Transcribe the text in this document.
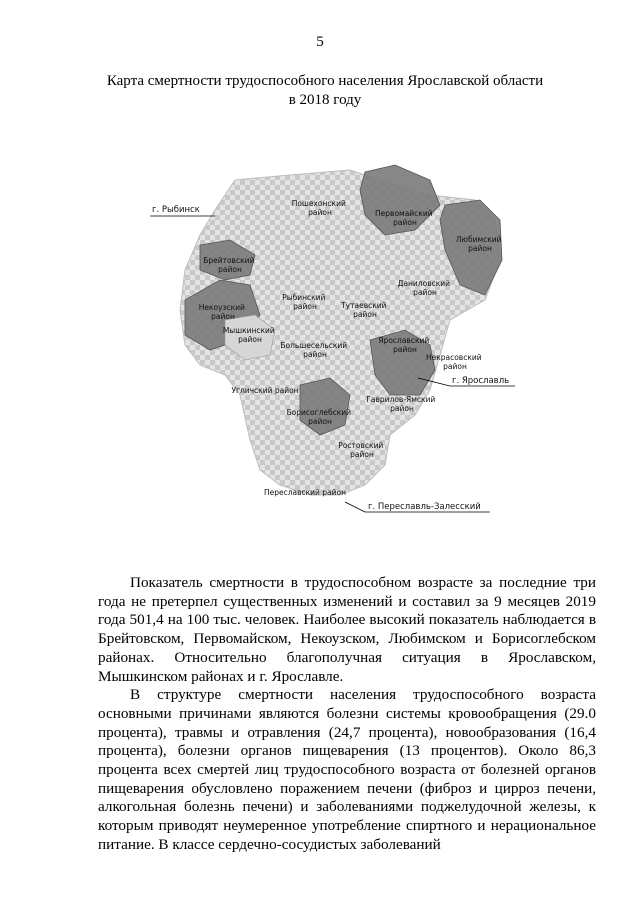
5
Карта смертности трудоспособного населения Ярославской области
в 2018 году
Пошехонский район	Первомайский район
Любимский район
Брейтовский район
Некоузский район
Мышкинский район
Даниловский район
Рыбинский район	Тутаевский район
Ярославский район
Большесельский район	Некрасовский район
Угличский район
Гаврилов-Ямский район
Борисоглебский район
Ростовский район
Переславский район
г. Рыбинск
г. Ярославль
г. Переславль-Залесский

Показатель смертности в трудоспособном возрасте за последние три года не претерпел существенных изменений и составил за 9 месяцев 2019 года 501,4 на 100 тыс. человек. Наиболее высокий показатель наблюдается в Брейтовском, Первомайском, Некоузском, Любимском и Борисоглебском районах. Относительно благополучная ситуация в Ярославском, Мышкинском районах и г. Ярославле.

В структуре смертности населения трудоспособного возраста основными причинами являются болезни системы кровообращения (29.0 процента), травмы и отравления (24,7 процента), новообразования (16,4 процента), болезни органов пищеварения (13 процентов). Около 86,3 процента всех смертей лиц трудоспособного возраста от болезней органов пищеварения обусловлено поражением печени (фиброз и цирроз печени, алкогольная болезнь печени) и заболеваниями поджелудочной железы, к которым приводят неумеренное употребление спиртного и нерациональное питание. В классе сердечно-сосудистых заболеваний
